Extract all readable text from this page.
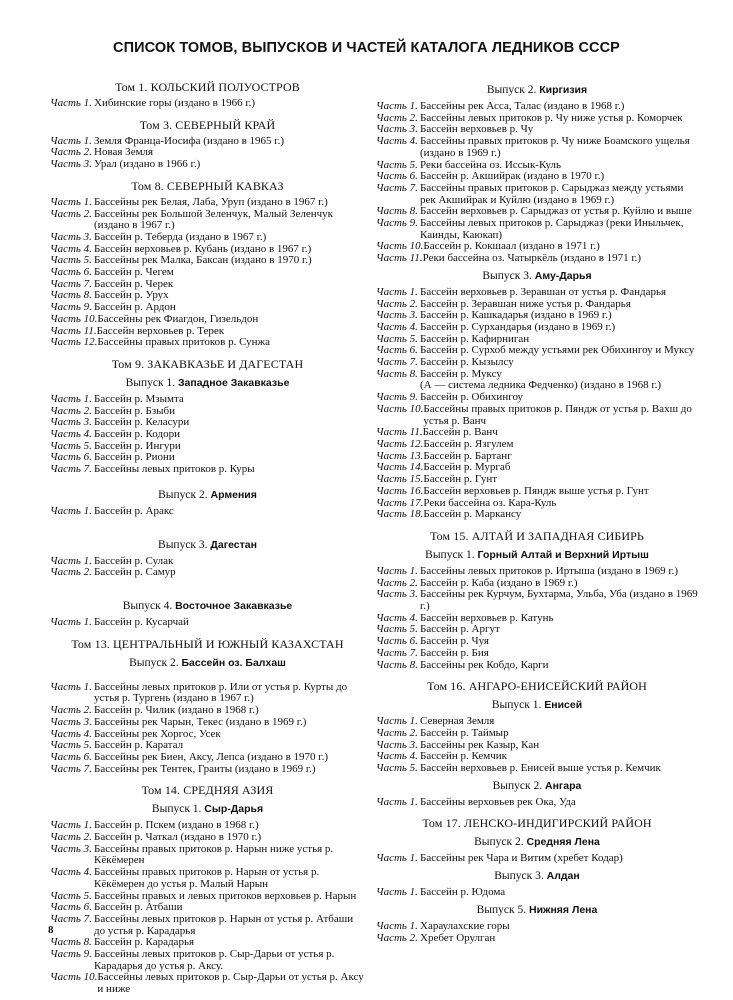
СПИСОК ТОМОВ, ВЫПУСКОВ И ЧАСТЕЙ КАТАЛОГА ЛЕДНИКОВ СССР
Том 1. КОЛЬСКИЙ ПОЛУОСТРОВ
Часть 1. Хибинские горы (издано в 1966 г.)
Том 3. СЕВЕРНЫЙ КРАЙ
Часть 1. Земля Франца-Иосифа (издано в 1965 г.)
Часть 2. Новая Земля
Часть 3. Урал (издано в 1966 г.)
Том 8. СЕВЕРНЫЙ КАВКАЗ
Часть 1. Бассейны рек Белая, Лаба, Уруп (издано в 1967 г.)
Часть 2. Бассейны рек Большой Зеленчук, Малый Зеленчук (издано в 1967 г.)
Часть 3. Бассейн р. Теберда (издано в 1967 г.)
Часть 4. Бассейн верховьев р. Кубань (издано в 1967 г.)
Часть 5. Бассейны рек Малка, Баксан (издано в 1970 г.)
Часть 6. Бассейн р. Чегем
Часть 7. Бассейн р. Черек
Часть 8. Бассейн р. Урух
Часть 9. Бассейн р. Ардон
Часть 10. Бассейны рек Фиагдон, Гизельдон
Часть 11. Бассейн верховьев р. Терек
Часть 12. Бассейны правых притоков р. Сунжа
Том 9. ЗАКАВКАЗЬЕ И ДАГЕСТАН
Выпуск 1. Западное Закавказье
Часть 1. Бассейн р. Мзымта
Часть 2. Бассейн р. Бзыби
Часть 3. Бассейн р. Келасури
Часть 4. Бассейн р. Кодори
Часть 5. Бассейн р. Ингури
Часть 6. Бассейн р. Риони
Часть 7. Бассейны левых притоков р. Куры
Выпуск 2. Армения
Часть 1. Бассейн р. Аракс
Выпуск 3. Дагестан
Часть 1. Бассейн р. Сулак
Часть 2. Бассейн р. Самур
Выпуск 4. Восточное Закавказье
Часть 1. Бассейн р. Кусарчай
Том 13. ЦЕНТРАЛЬНЫЙ И ЮЖНЫЙ КАЗАХСТАН
Выпуск 2. Бассейн оз. Балхаш
Часть 1. Бассейны левых притоков р. Или от устья р. Курты до устья р. Тургень (издано в 1967 г.)
Часть 2. Бассейн р. Чилик (издано в 1968 г.)
Часть 3. Бассейны рек Чарын, Текес (издано в 1969 г.)
Часть 4. Бассейны рек Хоргос, Усек
Часть 5. Бассейн р. Каратал
Часть 6. Бассейны рек Биен, Аксу, Лепса (издано в 1970 г.)
Часть 7. Бассейны рек Тентек, Граиты (издано в 1969 г.)
Том 14. СРЕДНЯЯ АЗИЯ
Выпуск 1. Сыр-Дарья
Часть 1. Бассейн р. Пскем (издано в 1968 г.)
Часть 2. Бассейн р. Чаткал (издано в 1970 г.)
Часть 3. Бассейны правых притоков р. Нарын ниже устья р. Кёкёмерен
Часть 4. Бассейны правых притоков р. Нарын от устья р. Кёкёмерен до устья р. Малый Нарын
Часть 5. Бассейны правых и левых притоков верховьев р. Нарын
Часть 6. Бассейн р. Атбаши
Часть 7. Бассейны левых притоков р. Нарын от устья р. Атбаши до устья р. Карадарья
Часть 8. Бассейн р. Карадарья
Часть 9. Бассейны левых притоков р. Сыр-Дарьи от устья р. Карадарья до устья р. Аксу.
Часть 10. Бассейны левых притоков р. Сыр-Дарьи от устья р. Аксу и ниже
Выпуск 2. Киргизия
Часть 1. Бассейны рек Асса, Талас (издано в 1968 г.)
Часть 2. Бассейны левых притоков р. Чу ниже устья р. Коморчек
Часть 3. Бассейн верховьев р. Чу
Часть 4. Бассейны правых притоков р. Чу ниже Боамского ущелья (издано в 1969 г.)
Часть 5. Реки бассейна оз. Иссык-Куль
Часть 6. Бассейн р. Акшийрак (издано в 1970 г.)
Часть 7. Бассейны правых притоков р. Сарыджаз между устьями рек Акшийрак и Куйлю (издано в 1969 г.)
Часть 8. Бассейн верховьев р. Сарыджаз от устья р. Куйлю и выше
Часть 9. Бассейны левых притоков р. Сарыджаз (реки Иныльчек, Каинды, Каюкап)
Часть 10. Бассейн р. Кокшаал (издано в 1971 г.)
Часть 11. Реки бассейна оз. Чатыркёль (издано в 1971 г.)
Выпуск 3. Аму-Дарья
Часть 1. Бассейн верховьев р. Зеравшан от устья р. Фандарья
Часть 2. Бассейн р. Зеравшан ниже устья р. Фандарья
Часть 3. Бассейн р. Кашкадарья (издано в 1969 г.)
Часть 4. Бассейн р. Сурхандарья (издано в 1969 г.)
Часть 5. Бассейн р. Кафирниган
Часть 6. Бассейн р. Сурхоб между устьями рек Обихингоу и Муксу
Часть 7. Бассейн р. Кызылсу
Часть 8. Бассейн р. Муксу
(А — система ледника Федченко) (издано в 1968 г.)
Часть 9. Бассейн р. Обихингоу
Часть 10. Бассейны правых притоков р. Пяндж от устья р. Вахш до устья р. Ванч
Часть 11. Бассейн р. Ванч
Часть 12. Бассейн р. Язгулем
Часть 13. Бассейн р. Бартанг
Часть 14. Бассейн р. Мургаб
Часть 15. Бассейн р. Гунт
Часть 16. Бассейн верховьев р. Пяндж выше устья р. Гунт
Часть 17. Реки бассейна оз. Кара-Куль
Часть 18. Бассейн р. Маркансу
Том 15. АЛТАЙ И ЗАПАДНАЯ СИБИРЬ
Выпуск 1. Горный Алтай и Верхний Иртыш
Часть 1. Бассейны левых притоков р. Иртыша (издано в 1969 г.)
Часть 2. Бассейн р. Каба (издано в 1969 г.)
Часть 3. Бассейны рек Курчум, Бухтарма, Ульба, Уба (издано в 1969 г.)
Часть 4. Бассейн верховьев р. Катунь
Часть 5. Бассейн р. Аргут
Часть 6. Бассейн р. Чуя
Часть 7. Бассейн р. Бия
Часть 8. Бассейны рек Кобдо, Карги
Том 16. АНГАРО-ЕНИСЕЙСКИЙ РАЙОН
Выпуск 1. Енисей
Часть 1. Северная Земля
Часть 2. Бассейн р. Таймыр
Часть 3. Бассейны рек Казыр, Кан
Часть 4. Бассейн р. Кемчик
Часть 5. Бассейн верховьев р. Енисей выше устья р. Кемчик
Выпуск 2. Ангара
Часть 1. Бассейны верховьев рек Ока, Уда
Том 17. ЛЕНСКО-ИНДИГИРСКИЙ РАЙОН
Выпуск 2. Средняя Лена
Часть 1. Бассейны рек Чара и Витим (хребет Кодар)
Выпуск 3. Алдан
Часть 1. Бассейн р. Юдома
Выпуск 5. Нижняя Лена
Часть 1. Хараулахские горы
Часть 2. Хребет Орулган
8
